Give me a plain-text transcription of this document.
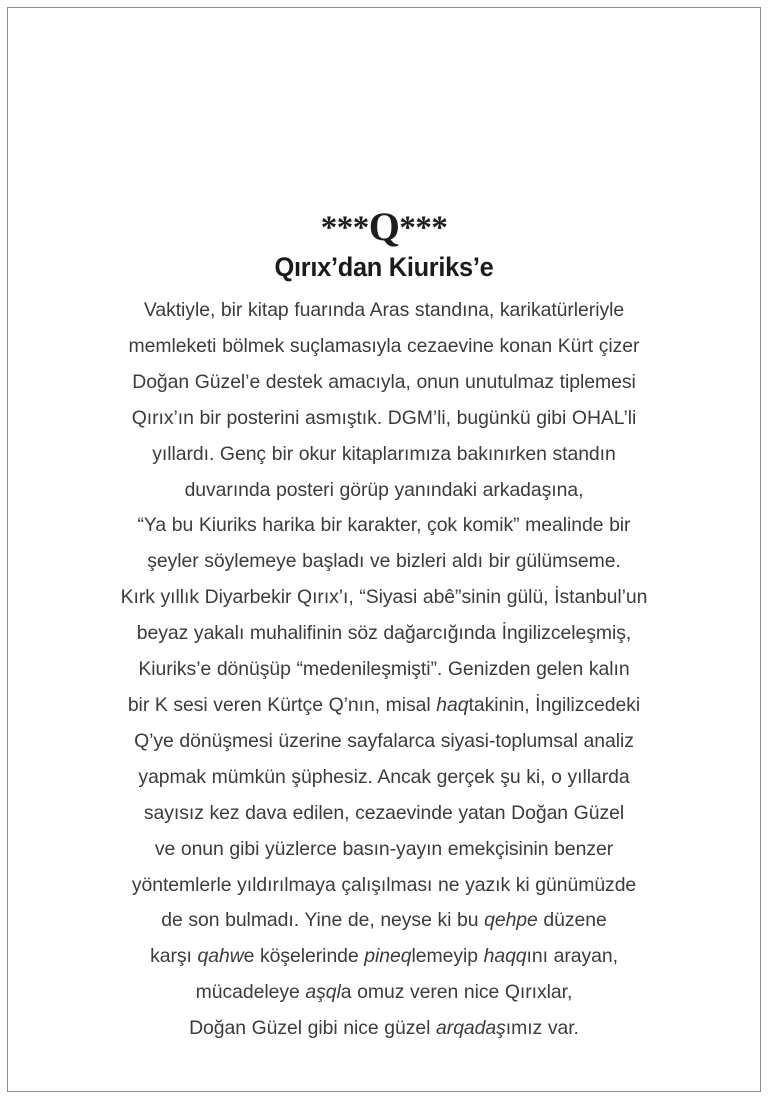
***Q***
Qırıx’dan Kiuriks’e
Vaktiyle, bir kitap fuarında Aras standına, karikatürleriyle
memleketi bölmek suçlamasıyla cezaevine konan Kürt çizer
Doğan Güzel’e destek amacıyla, onun unutulmaz tiplemesi
Qırıx’ın bir posterini asmıştık. DGM’li, bugünkü gibi OHAL’li
yıllardı. Genç bir okur kitaplarımıza bakınırken standın
duvarında posteri görüp yanındaki arkadaşına,
“Ya bu Kiuriks harika bir karakter, çok komik” mealinde bir
şeyler söylemeye başladı ve bizleri aldı bir gülümseme.
Kırk yıllık Diyarbekir Qırıx’ı, “Siyasi abê”sinin gülü, İstanbul’un
beyaz yakalı muhalifinin söz dağarcığında İngilizceleşmiş,
Kiuriks’e dönüşüp “medenileşmişti”. Genizden gelen kalın
bir K sesi veren Kürtçe Q’nın, misal haqtakinin, İngilizcedeki
Q’ye dönüşmesi üzerine sayfalarca siyasi-toplumsal analiz
yapmak mümkün şüphesiz. Ancak gerçek şu ki, o yıllarda
sayısız kez dava edilen, cezaevinde yatan Doğan Güzel
ve onun gibi yüzlerce basın-yayın emekçisinin benzer
yöntemlerle yıldırılmaya çalışılması ne yazık ki günümüzde
de son bulmadı. Yine de, neyse ki bu qehpe düzene
karşı qahwe köşelerinde pineqlemeyip haqqını arayan,
mücadeleye aşqla omuz veren nice Qırıxlar,
Doğan Güzel gibi nice güzel arqadaşımız var.
